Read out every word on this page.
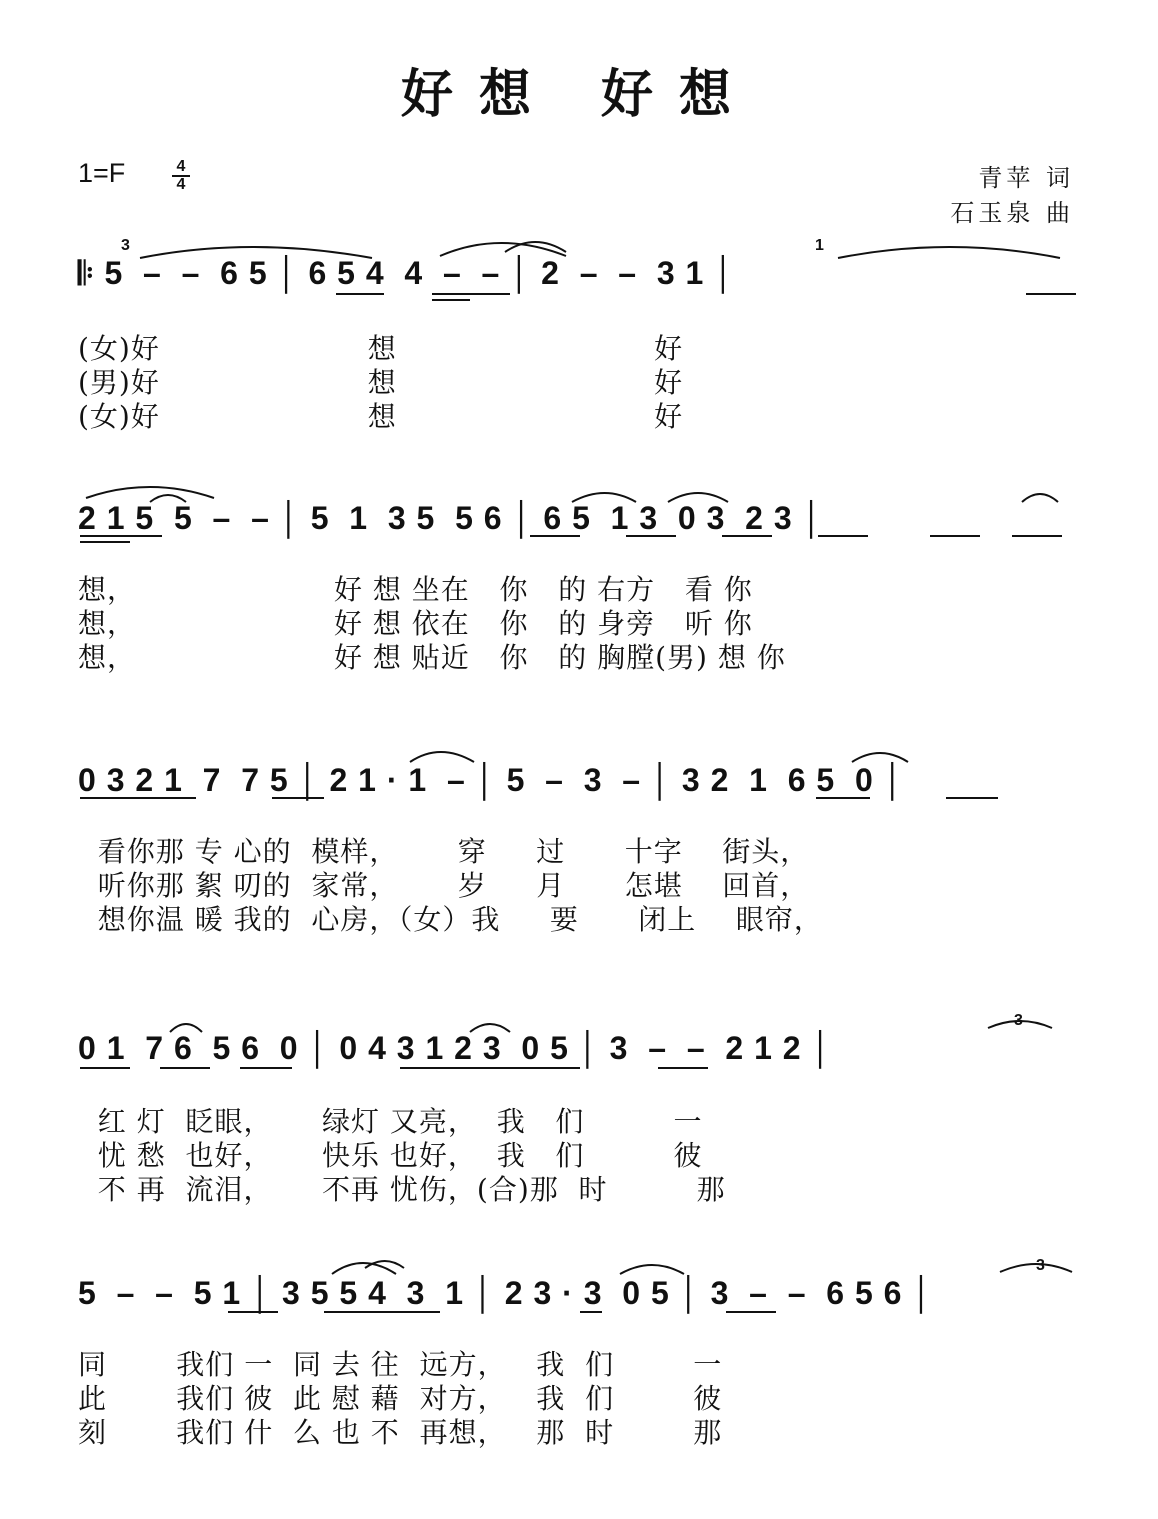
好想 好想
1=F	4
4	青苹 词
石玉泉 曲
𝄆 5  –  –  6 5 │ 6 5 4  4  –  – │ 2  –  –  3 1 │
3	1
(女)好                     想                          好
(男)好                     想                          好
(女)好                     想                          好
2 1 5  5  –  – │ 5  1  3 5  5 6 │ 6 5  1 3  0 3  2 3 │
想，                    好 想 坐在   你   的 右方   看 你
想，                    好 想 依在   你   的 身旁   听 你
想，                    好 想 贴近   你   的 胸膛(男) 想 你
0 3 2 1  7  7 5 │ 2 1 · 1  – │ 5  –  3  – │ 3 2  1  6 5  0 │
看你那 专 心的  模样，      穿     过      十字    街头，
听你那 絮 叨的  家常，      岁     月      怎堪    回首，
想你温 暖 我的  心房，（女）我     要      闭上    眼帘，
0 1  7 6  5 6  0 │ 0 4 3 1 2 3  0 5 │ 3  –  –  2 1 2 │
3
红 灯  眨眼，     绿灯 又亮，  我   们         一
忧 愁  也好，     快乐 也好，  我   们         彼
不 再  流泪，     不再 忧伤，(合)那  时         那
5  –  –  5 1 │ 3 5 5 4  3  1 │ 2 3 · 3  0 5 │ 3  –  –  6 5 6 │
3
同       我们 一  同 去 往  远方，   我  们        一
此       我们 彼  此 慰 藉  对方，   我  们        彼
刻       我们 什  么 也 不  再想，   那  时        那
